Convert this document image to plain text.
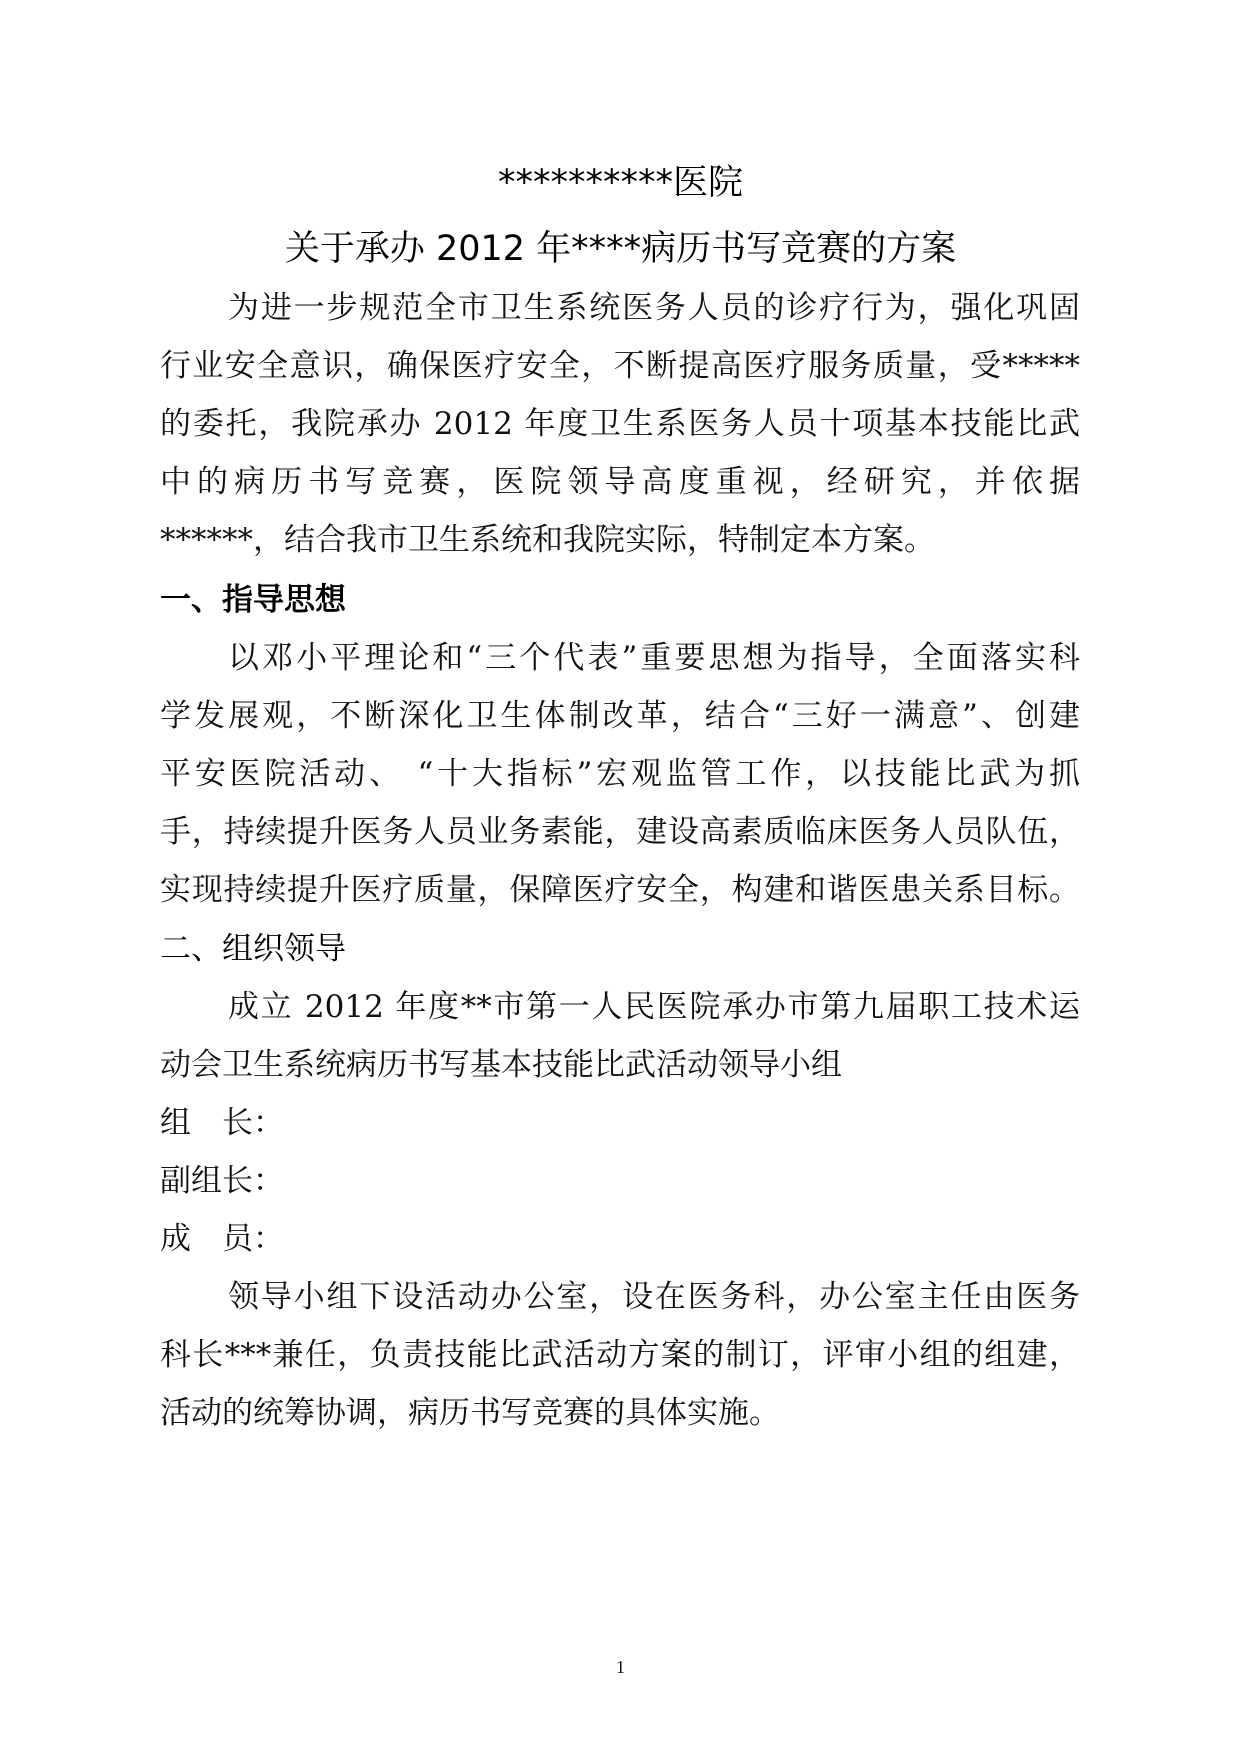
**********医院
关于承办 2012 年****病历书写竞赛的方案
为进一步规范全市卫生系统医务人员的诊疗行为，强化巩固
行业安全意识，确保医疗安全，不断提高医疗服务质量，受*****
的委托，我院承办 2012 年度卫生系医务人员十项基本技能比武
中的病历书写竞赛，医院领导高度重视，经研究，并依据
******，结合我市卫生系统和我院实际，特制定本方案。
一、指导思想
以邓小平理论和“三个代表”重要思想为指导，全面落实科
学发展观，不断深化卫生体制改革，结合“三好一满意”、创建
平安医院活动、 “十大指标”宏观监管工作，以技能比武为抓
手，持续提升医务人员业务素能，建设高素质临床医务人员队伍，
实现持续提升医疗质量，保障医疗安全，构建和谐医患关系目标。
二、组织领导
成立 2012 年度**市第一人民医院承办市第九届职工技术运
动会卫生系统病历书写基本技能比武活动领导小组
组　长：
副组长：
成　员：
领导小组下设活动办公室，设在医务科，办公室主任由医务
科长***兼任，负责技能比武活动方案的制订，评审小组的组建，
活动的统筹协调，病历书写竞赛的具体实施。
1
